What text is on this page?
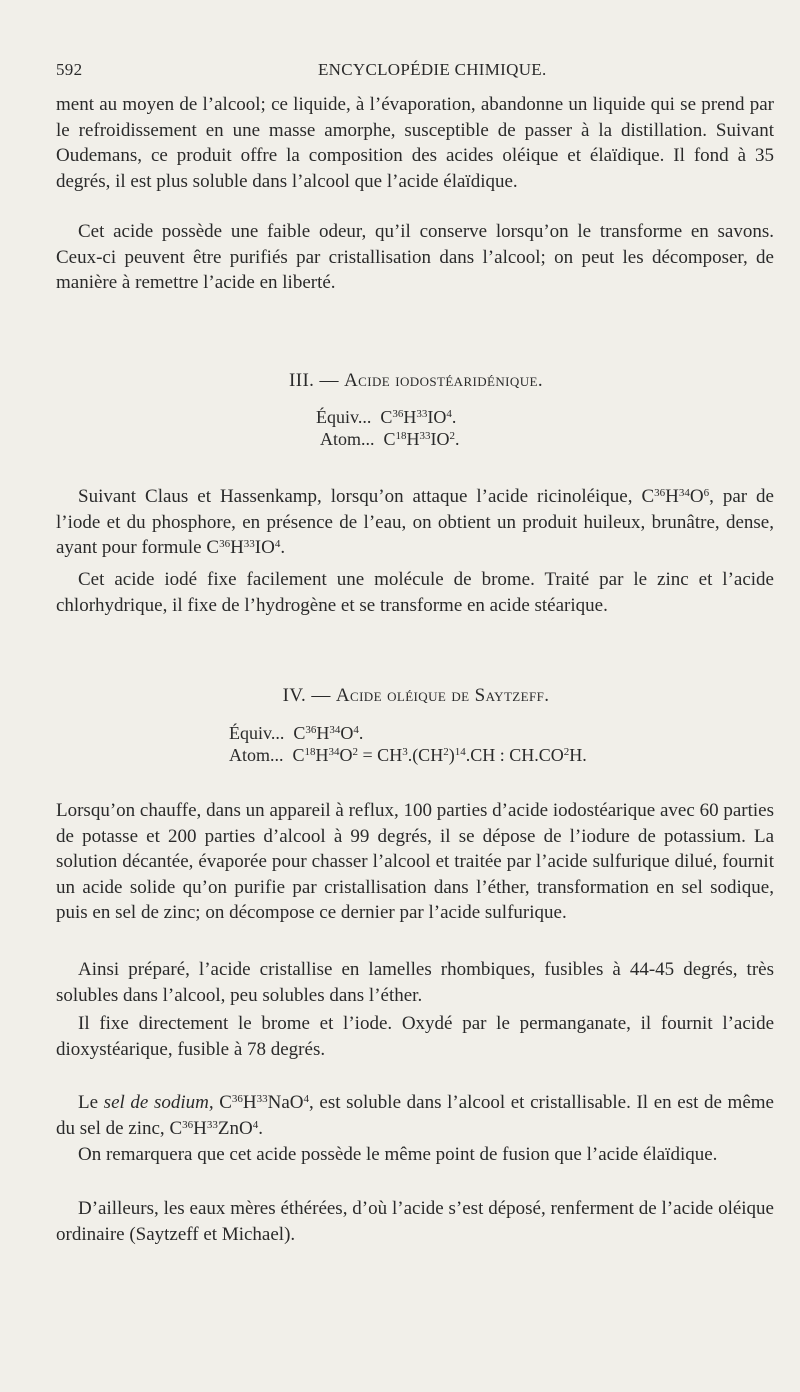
592	ENCYCLOPÉDIE CHIMIQUE.

ment au moyen de l’alcool; ce liquide, à l’évaporation, abandonne un liquide qui se prend par le refroidissement en une masse amorphe, susceptible de passer à la distillation. Suivant Oudemans, ce produit offre la composition des acides oléique et élaïdique. Il fond à 35 degrés, il est plus soluble dans l’alcool que l’acide élaïdique.

Cet acide possède une faible odeur, qu’il conserve lorsqu’on le transforme en savons. Ceux-ci peuvent être purifiés par cristallisation dans l’alcool; on peut les décomposer, de manière à remettre l’acide en liberté.

III. — Acide iodostéaridénique.
Équiv...  $C^{36}H^{33}IO^4$.
Atom...  $C^{18}H^{33}IO^2$.

Suivant Claus et Hassenkamp, lorsqu’on attaque l’acide ricinoléique, $C^{36}H^{34}O^6$, par de l’iode et du phosphore, en présence de l’eau, on obtient un produit huileux, brunâtre, dense, ayant pour formule $C^{36}H^{33}IO^4$.

Cet acide iodé fixe facilement une molécule de brome. Traité par le zinc et l’acide chlorhydrique, il fixe de l’hydrogène et se transforme en acide stéarique.

IV. — Acide oléique de Saytzeff.
Équiv...  $C^{36}H^{34}O^4$.
Atom...  $C^{18}H^{34}O^2 = CH^3.(CH^2)^{14}.CH$ : $CH.CO^2H$.

Lorsqu’on chauffe, dans un appareil à reflux, 100 parties d’acide iodostéarique avec 60 parties de potasse et 200 parties d’alcool à 99 degrés, il se dépose de l’iodure de potassium. La solution décantée, évaporée pour chasser l’alcool et traitée par l’acide sulfurique dilué, fournit un acide solide qu’on purifie par cristallisation dans l’éther, transformation en sel sodique, puis en sel de zinc; on décompose ce dernier par l’acide sulfurique.

Ainsi préparé, l’acide cristallise en lamelles rhombiques, fusibles à 44-45 degrés, très solubles dans l’alcool, peu solubles dans l’éther.

Il fixe directement le brome et l’iode. Oxydé par le permanganate, il fournit l’acide dioxystéarique, fusible à 78 degrés.

Le sel de sodium, $C^{36}H^{33}NaO^4$, est soluble dans l’alcool et cristallisable. Il en est de même du sel de zinc, $C^{36}H^{33}ZnO^4$.

On remarquera que cet acide possède le même point de fusion que l’acide élaïdique.

D’ailleurs, les eaux mères éthérées, d’où l’acide s’est déposé, renferment de l’acide oléique ordinaire (Saytzeff et Michael).
